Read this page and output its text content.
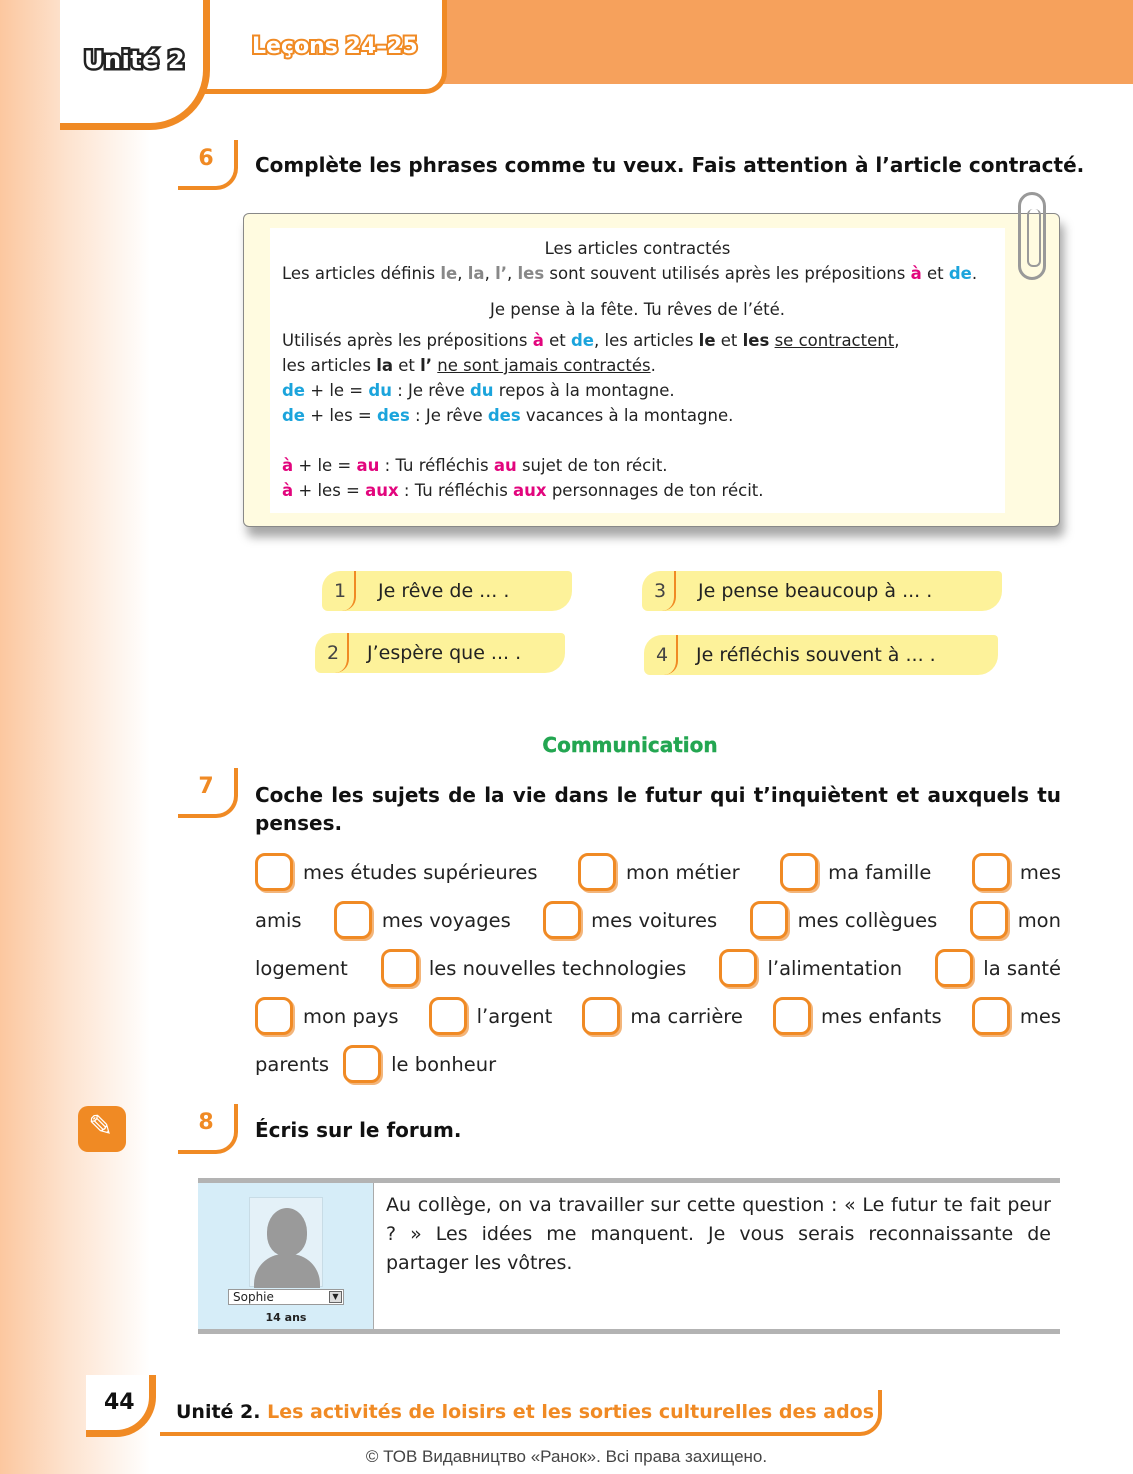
Unité 2	Leçons 24–25
6	Complète les phrases comme tu veux. Fais attention à l’article contracté.
Les articles contractés
Les articles définis le, la, l’, les sont souvent utilisés après les prépositions à et de.
Je pense à la fête. Tu rêves de l’été.
Utilisés après les prépositions à et de, les articles le et les se contractent,
les articles la et l’ ne sont jamais contractés.
de + le = du : Je rêve du repos à la montagne.
de + les = des : Je rêve des vacances à la montagne.
à + le = au : Tu réfléchis au sujet de ton récit.
à + les = aux : Tu réfléchis aux personnages de ton récit.
1	Je rêve de ... .
2	J’espère que ... .
3	Je pense beaucoup à ... .
4	Je réfléchis souvent à ... .
Communication
7	Coche les sujets de la vie dans le futur qui t’inquiètent et auxquels tu penses.
mes études supérieures	mon métier	ma famille	mes
amis	mes voyages	mes voitures	mes collègues	mon
logement	les nouvelles technologies	l’alimentation	la santé
mon pays	l’argent	ma carrière	mes enfants	mes
parents	le bonheur
✎	8	Écris sur le forum.
Sophie	▼
14 ans
Au collège, on va travailler sur cette question : « Le futur te fait peur ? » Les idées me manquent. Je vous serais reconnaissante de partager les vôtres.
44 Unité 2. Les activités de loisirs et les sorties culturelles des ados
© ТОВ Видавництво «Ранок». Всі права захищено.
